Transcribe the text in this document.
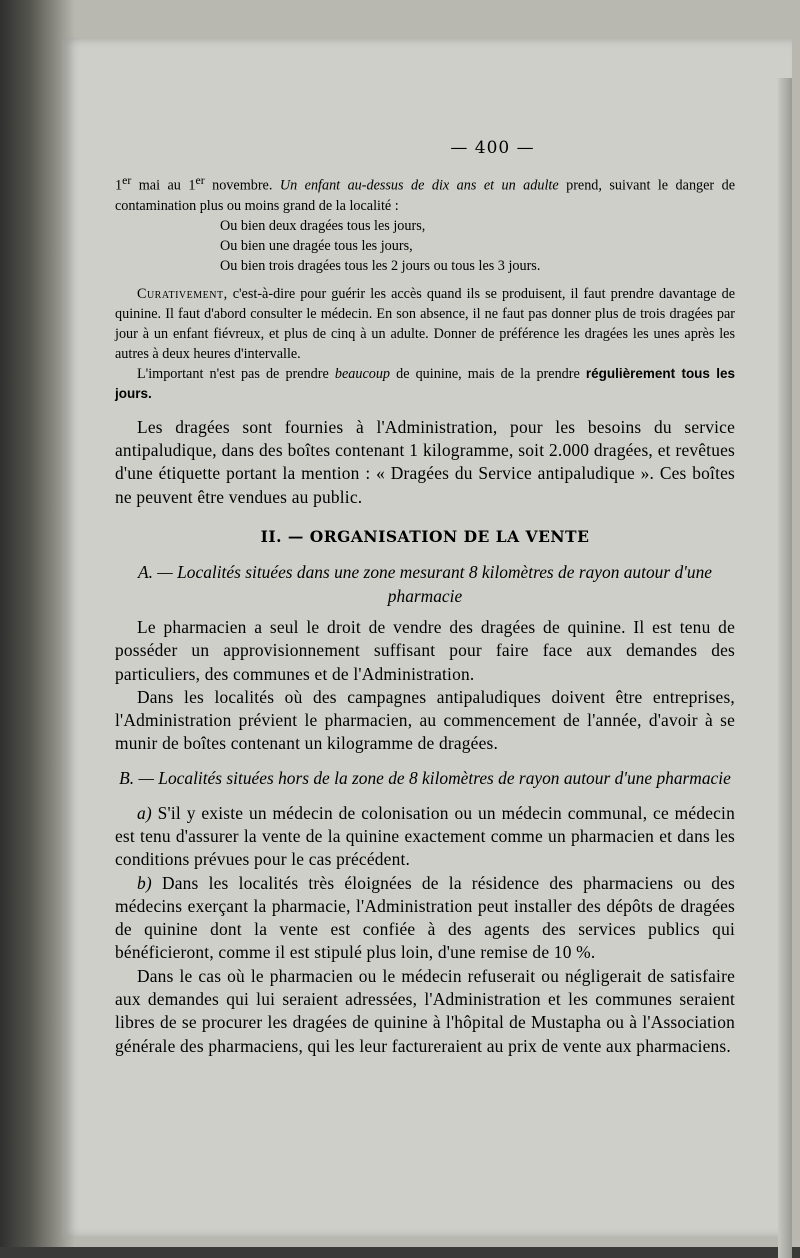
— 400 —

1er mai au 1er novembre. Un enfant au-dessus de dix ans et un adulte prend, suivant le danger de contamination plus ou moins grand de la localité :

Ou bien deux dragées tous les jours,

Ou bien une dragée tous les jours,

Ou bien trois dragées tous les 2 jours ou tous les 3 jours.

Curativement, c'est-à-dire pour guérir les accès quand ils se produisent, il faut prendre davantage de quinine. Il faut d'abord consulter le médecin. En son absence, il ne faut pas donner plus de trois dragées par jour à un enfant fiévreux, et plus de cinq à un adulte. Donner de préférence les dragées les unes après les autres à deux heures d'intervalle.

L'important n'est pas de prendre beaucoup de quinine, mais de la prendre régulièrement tous les jours.

Les dragées sont fournies à l'Administration, pour les besoins du service antipaludique, dans des boîtes contenant 1 kilogramme, soit 2.000 dragées, et revêtues d'une étiquette portant la mention : « Dragées du Service antipaludique ». Ces boîtes ne peuvent être vendues au public.

II. — ORGANISATION DE LA VENTE

A. — Localités situées dans une zone mesurant 8 kilomètres de rayon autour d'une pharmacie

Le pharmacien a seul le droit de vendre des dragées de quinine. Il est tenu de posséder un approvisionnement suffisant pour faire face aux demandes des particuliers, des communes et de l'Administration.

Dans les localités où des campagnes antipaludiques doivent être entreprises, l'Administration prévient le pharmacien, au commencement de l'année, d'avoir à se munir de boîtes contenant un kilogramme de dragées.

B. — Localités situées hors de la zone de 8 kilomètres de rayon autour d'une pharmacie

a) S'il y existe un médecin de colonisation ou un médecin communal, ce médecin est tenu d'assurer la vente de la quinine exactement comme un pharmacien et dans les conditions prévues pour le cas précédent.

b) Dans les localités très éloignées de la résidence des pharmaciens ou des médecins exerçant la pharmacie, l'Administration peut installer des dépôts de dragées de quinine dont la vente est confiée à des agents des services publics qui bénéficieront, comme il est stipulé plus loin, d'une remise de 10 %.

Dans le cas où le pharmacien ou le médecin refuserait ou négligerait de satisfaire aux demandes qui lui seraient adressées, l'Administration et les communes seraient libres de se procurer les dragées de quinine à l'hôpital de Mustapha ou à l'Association générale des pharmaciens, qui les leur factureraient au prix de vente aux pharmaciens.
